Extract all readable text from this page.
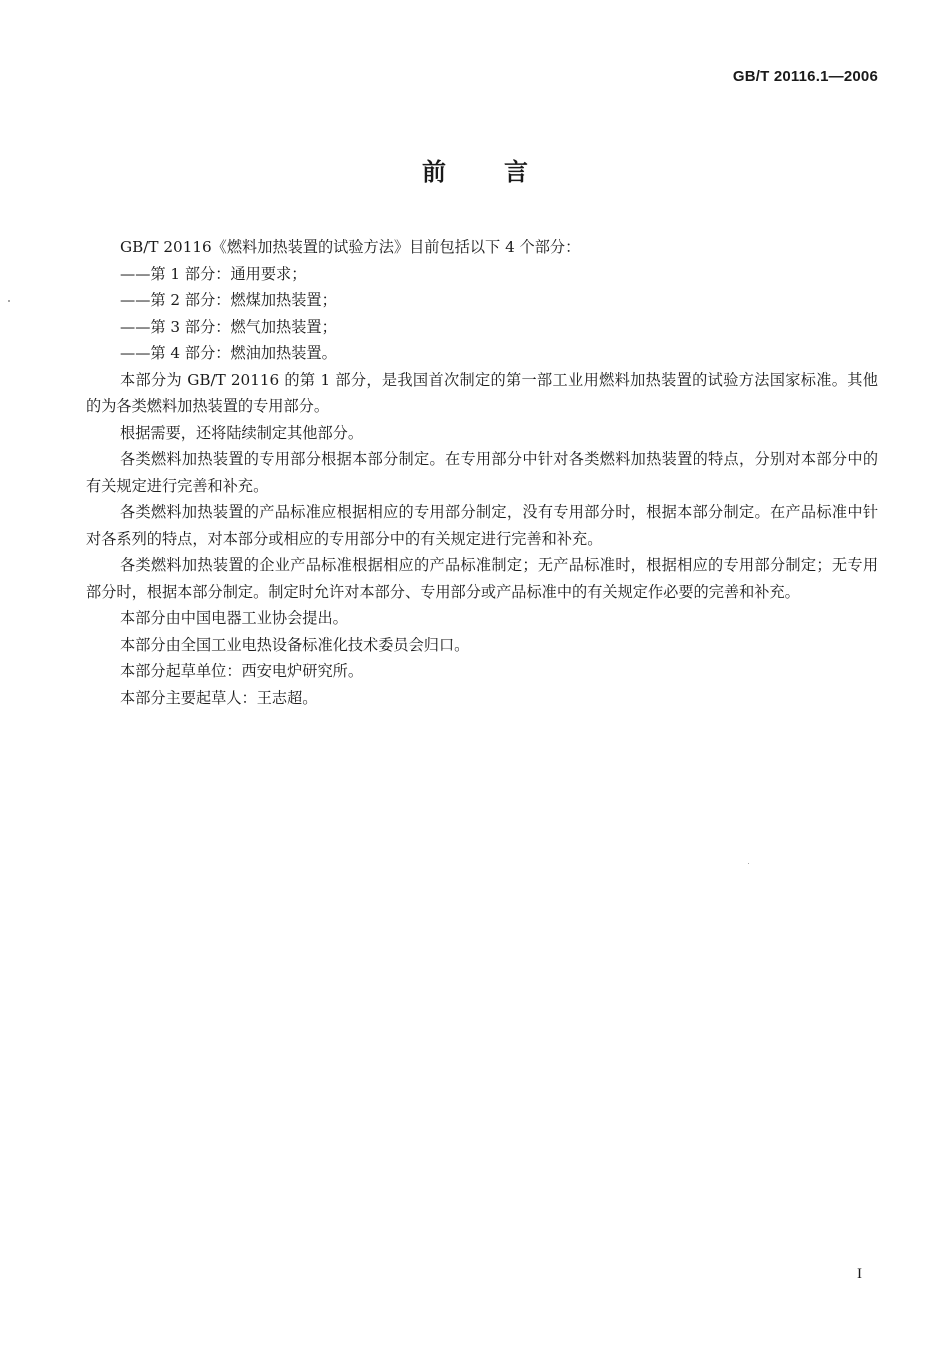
GB/T 20116.1—2006
前言

GB/T 20116《燃料加热装置的试验方法》目前包括以下 4 个部分：

——第 1 部分：通用要求；

——第 2 部分：燃煤加热装置；

——第 3 部分：燃气加热装置；

——第 4 部分：燃油加热装置。

本部分为 GB/T 20116 的第 1 部分，是我国首次制定的第一部工业用燃料加热装置的试验方法国家标准。其他的为各类燃料加热装置的专用部分。

根据需要，还将陆续制定其他部分。

各类燃料加热装置的专用部分根据本部分制定。在专用部分中针对各类燃料加热装置的特点，分别对本部分中的有关规定进行完善和补充。

各类燃料加热装置的产品标准应根据相应的专用部分制定，没有专用部分时，根据本部分制定。在产品标准中针对各系列的特点，对本部分或相应的专用部分中的有关规定进行完善和补充。

各类燃料加热装置的企业产品标准根据相应的产品标准制定；无产品标准时，根据相应的专用部分制定；无专用部分时，根据本部分制定。制定时允许对本部分、专用部分或产品标准中的有关规定作必要的完善和补充。

本部分由中国电器工业协会提出。

本部分由全国工业电热设备标准化技术委员会归口。

本部分起草单位：西安电炉研究所。

本部分主要起草人：王志超。

I
